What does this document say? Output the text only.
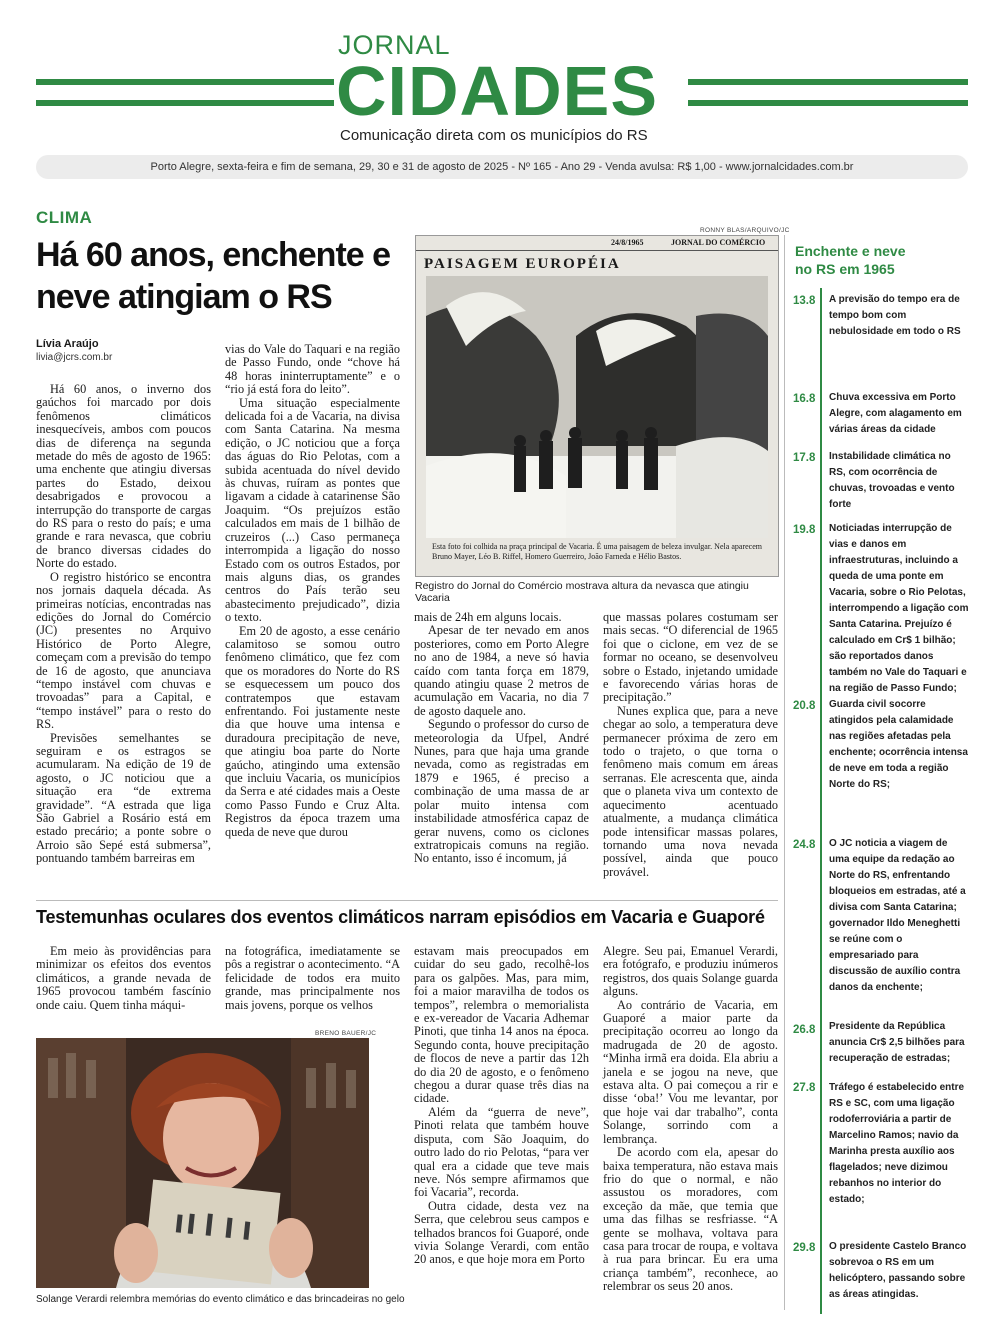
JORNAL
CIDADES
Comunicação direta com os municípios do RS
Porto Alegre, sexta-feira e fim de semana, 29, 30 e 31 de agosto de 2025 - Nº 165 - Ano 29 - Venda avulsa: R$ 1,00 - www.jornalcidades.com.br
CLIMA
Há 60 anos, enchente e neve atingiam o RS
Lívia Araújo
livia@jcrs.com.br

Há 60 anos, o inverno dos gaúchos foi marcado por dois fenômenos climáticos inesquecíveis, ambos com poucos dias de diferença na segunda metade do mês de agosto de 1965: uma enchente que atingiu diversas partes do Estado, deixou desabrigados e provocou a interrupção do transporte de cargas do RS para o resto do país; e uma grande e rara nevasca, que cobriu de branco diversas cidades do Norte do estado.

O registro histórico se encontra nos jornais daquela década. As primeiras notícias, encontradas nas edições do Jornal do Comércio (JC) presentes no Arquivo Histórico de Porto Alegre, começam com a previsão do tempo de 16 de agosto, que anunciava “tempo instável com chuvas e trovoadas” para a Capital, e “tempo instável” para o resto do RS.

Previsões semelhantes se seguiram e os estragos se acumularam. Na edição de 19 de agosto, o JC noticiou que a situação era “de extrema gravidade”. “A estrada que liga São Gabriel a Rosário está em estado precário; a ponte sobre o Arroio são Sepé está submersa”, pontuando também barreiras em

vias do Vale do Taquari e na região de Passo Fundo, onde “chove há 48 horas ininterruptamente” e o “rio já está fora do leito”.

Uma situação especialmente delicada foi a de Vacaria, na divisa com Santa Catarina. Na mesma edição, o JC noticiou que a força das águas do Rio Pelotas, com a subida acentuada do nível devido às chuvas, ruíram as pontes que ligavam a cidade à catarinense São Joaquim. “Os prejuízos estão calculados em mais de 1 bilhão de cruzeiros (...) Caso permaneça interrompida a ligação do nosso Estado com os outros Estados, por mais alguns dias, os grandes centros do País terão seu abastecimento prejudicado”, dizia o texto.

Em 20 de agosto, a esse cenário calamitoso se somou outro fenômeno climático, que fez com que os moradores do Norte do RS se esquecessem um pouco dos contratempos que estavam enfrentando. Foi justamente neste dia que houve uma intensa e duradoura precipitação de neve, que atingiu boa parte do Norte gaúcho, atingindo uma extensão que incluiu Vacaria, os municípios da Serra e até cidades mais a Oeste como Passo Fundo e Cruz Alta. Registros da época trazem uma queda de neve que durou

mais de 24h em alguns locais.

Apesar de ter nevado em anos posteriores, como em Porto Alegre no ano de 1984, a neve só havia caído com tanta força em 1879, quando atingiu quase 2 metros de acumulação em Vacaria, no dia 7 de agosto daquele ano.

Segundo o professor do curso de meteorologia da Ufpel, André Nunes, para que haja uma grande nevada, como as registradas em 1879 e 1965, é preciso a combinação de uma massa de ar polar muito intensa com instabilidade atmosférica capaz de gerar nuvens, como os ciclones extratropicais comuns na região. No entanto, isso é incomum, já

que massas polares costumam ser mais secas. “O diferencial de 1965 foi que o ciclone, em vez de se formar no oceano, se desenvolveu sobre o Estado, injetando umidade e favorecendo várias horas de precipitação.”

Nunes explica que, para a neve chegar ao solo, a temperatura deve permanecer próxima de zero em todo o trajeto, o que torna o fenômeno mais comum em áreas serranas. Ele acrescenta que, ainda que o planeta viva um contexto de aquecimento acentuado atualmente, a mudança climática pode intensificar massas polares, tornando uma nova nevada possível, ainda que pouco provável.

RONNY BLAS/ARQUIVO/JC
24/8/1965	JORNAL DO COMÉRCIO
PAISAGEM EUROPÉIA
Esta foto foi colhida na praça principal de Vacaria. É uma paisagem de beleza invulgar. Nela aparecem Bruno Mayer, Léo B. Riffel, Homero Guerreiro, João Farneda e Hélio Bastos.
Registro do Jornal do Comércio mostrava altura da nevasca que atingiu Vacaria
Testemunhas oculares dos eventos climáticos narram episódios em Vacaria e Guaporé

Em meio às providências para minimizar os efeitos dos eventos climáticos, a grande nevada de 1965 provocou também fascínio onde caiu. Quem tinha máqui-

na fotográfica, imediatamente se pôs a registrar o acontecimento. “A felicidade de todos era muito grande, mas principalmente nos mais jovens, porque os velhos

estavam mais preocupados em cuidar do seu gado, recolhê-los para os galpões. Mas, para mim, foi a maior maravilha de todos os tempos”, relembra o memorialista e ex-vereador de Vacaria Adhemar Pinoti, que tinha 14 anos na época. Segundo conta, houve precipitação de flocos de neve a partir das 12h do dia 20 de agosto, e o fenômeno chegou a durar quase três dias na cidade.

Além da “guerra de neve”, Pinoti relata que também houve disputa, com São Joaquim, do outro lado do rio Pelotas, “para ver qual era a cidade que teve mais neve. Nós sempre afirmamos que foi Vacaria”, recorda.

Outra cidade, desta vez na Serra, que celebrou seus campos e telhados brancos foi Guaporé, onde vivia Solange Verardi, com então 20 anos, e que hoje mora em Porto

Alegre. Seu pai, Emanuel Verardi, era fotógrafo, e produziu inúmeros registros, dos quais Solange guarda alguns.

Ao contrário de Vacaria, em Guaporé a maior parte da precipitação ocorreu ao longo da madrugada de 20 de agosto. “Minha irmã era doida. Ela abriu a janela e se jogou na neve, que estava alta. O pai começou a rir e disse ‘oba!’ Vou me levantar, por que hoje vai dar trabalho”, conta Solange, sorrindo com a lembrança.

De acordo com ela, apesar do baixa temperatura, não estava mais frio do que o normal, e não assustou os moradores, com exceção da mãe, que temia que uma das filhas se resfriasse. “A gente se molhava, voltava para casa para trocar de roupa, e voltava à rua para brincar. Eu era uma criança também”, reconhece, ao relembrar os seus 20 anos.

BRENO BAUER/JC
Solange Verardi relembra memórias do evento climático e das brincadeiras no gelo
Enchente e neve
no RS em 1965
13.8 A previsão do tempo era de tempo bom com nebulosidade em todo o RS
16.8 Chuva excessiva em Porto Alegre, com alagamento em várias áreas da cidade
17.8 Instabilidade climática no RS, com ocorrência de chuvas, trovoadas e vento forte
19.8 Noticiadas interrupção de vias e danos em infraestruturas, incluindo a queda de uma ponte em Vacaria, sobre o Rio Pelotas, interrompendo a ligação com Santa Catarina. Prejuízo é calculado em Cr$ 1 bilhão; são reportados danos também no Vale do Taquari e na região de Passo Fundo;
20.8 Guarda civil socorre atingidos pela calamidade nas regiões afetadas pela enchente; ocorrência intensa de neve em toda a região Norte do RS;
24.8 O JC noticia a viagem de uma equipe da redação ao Norte do RS, enfrentando bloqueios em estradas, até a divisa com Santa Catarina; governador Ildo Meneghetti se reúne com o empresariado para discussão de auxílio contra danos da enchente;
26.8 Presidente da República anuncia Cr$ 2,5 bilhões para recuperação de estradas;
27.8 Tráfego é estabelecido entre RS e SC, com uma ligação rodoferroviária a partir de Marcelino Ramos; navio da Marinha presta auxílio aos flagelados; neve dizimou rebanhos no interior do estado;
29.8 O presidente Castelo Branco sobrevoa o RS em um helicóptero, passando sobre as áreas atingidas.
